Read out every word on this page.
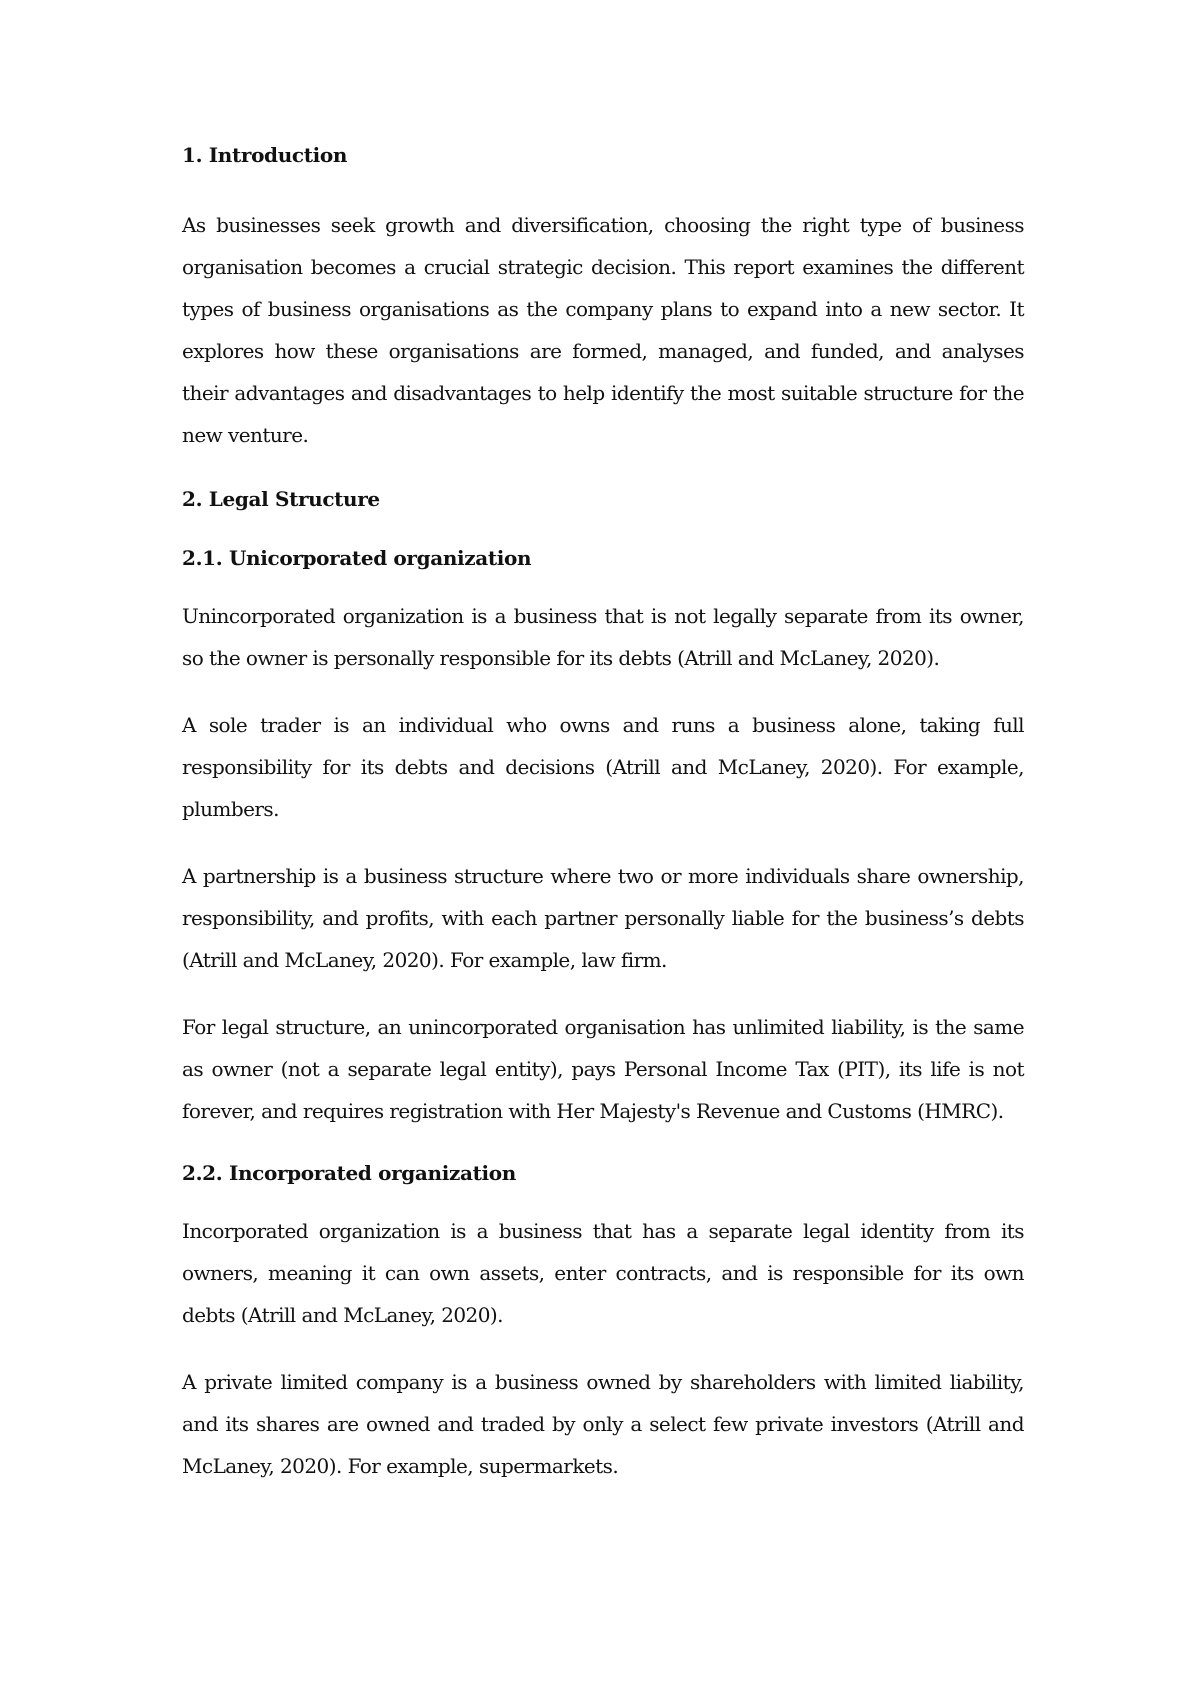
1. Introduction

As businesses seek growth and diversification, choosing the right type of business organisation becomes a crucial strategic decision. This report examines the different types of business organisations as the company plans to expand into a new sector. It explores how these organisations are formed, managed, and funded, and analyses their advantages and disadvantages to help identify the most suitable structure for the new venture.

2. Legal Structure
2.1. Unicorporated organization

Unincorporated organization is a business that is not legally separate from its owner, so the owner is personally responsible for its debts (Atrill and McLaney, 2020).

A sole trader is an individual who owns and runs a business alone, taking full responsibility for its debts and decisions (Atrill and McLaney, 2020). For example, plumbers.

A partnership is a business structure where two or more individuals share ownership, responsibility, and profits, with each partner personally liable for the business’s debts (Atrill and McLaney, 2020). For example, law firm.

For legal structure, an unincorporated organisation has unlimited liability, is the same as owner (not a separate legal entity), pays Personal Income Tax (PIT), its life is not forever, and requires registration with Her Majesty's Revenue and Customs (HMRC).

2.2. Incorporated organization

Incorporated organization is a business that has a separate legal identity from its owners, meaning it can own assets, enter contracts, and is responsible for its own debts (Atrill and McLaney, 2020).

A private limited company is a business owned by shareholders with limited liability, and its shares are owned and traded by only a select few private investors (Atrill and McLaney, 2020). For example, supermarkets.
